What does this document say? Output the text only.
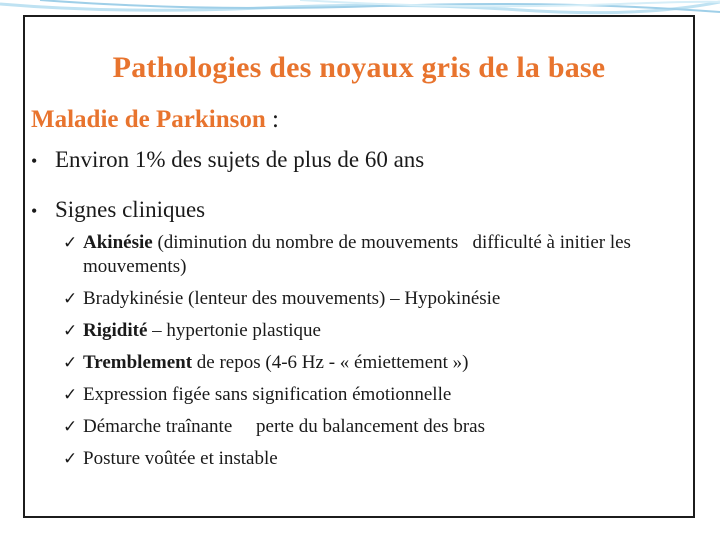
Pathologies des noyaux gris de la base
Maladie de Parkinson :
• Environ 1% des sujets de plus de 60 ans
• Signes cliniques
✓ Akinésie (diminution du nombre de mouvements   difficulté à initier les mouvements)
✓ Bradykinésie (lenteur des mouvements) – Hypokinésie
✓ Rigidité – hypertonie plastique
✓ Tremblement de repos (4-6 Hz - « émiettement »)
✓ Expression figée sans signification émotionnelle
✓ Démarche traînante     perte du balancement des bras
✓ Posture voûtée et instable
